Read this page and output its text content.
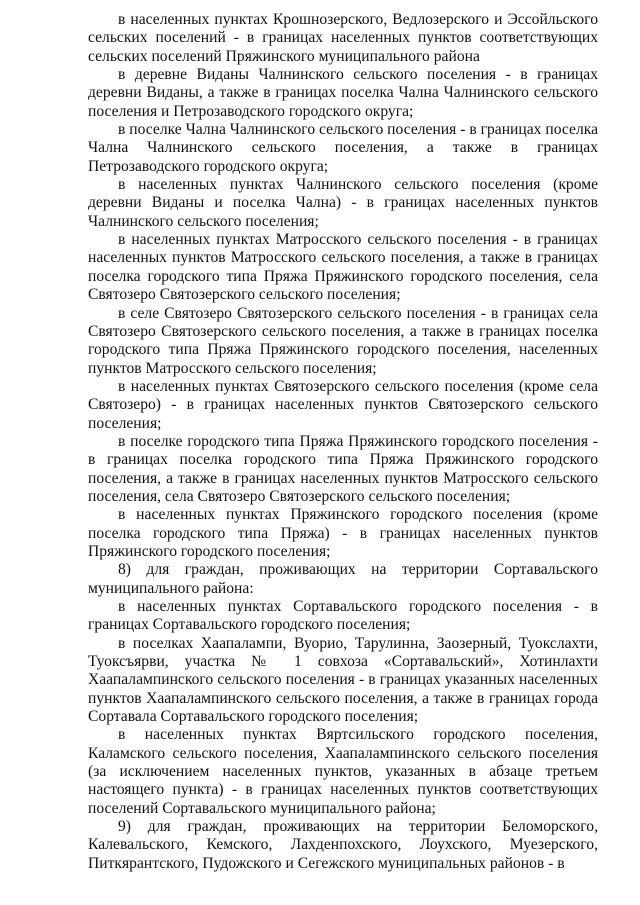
в населенных пунктах Крошнозерского, Ведлозерского и Эссойльского сельских поселений - в границах населенных пунктов соответствующих сельских поселений Пряжинского муниципального района

в деревне Виданы Чалнинского сельского поселения - в границах деревни Виданы, а также в границах поселка Чална Чалнинского сельского поселения и Петрозаводского городского округа;

в поселке Чална Чалнинского сельского поселения - в границах поселка Чална Чалнинского сельского поселения, а также в границах Петрозаводского городского округа;

в населенных пунктах Чалнинского сельского поселения (кроме деревни Виданы и поселка Чална) - в границах населенных пунктов Чалнинского сельского поселения;

в населенных пунктах Матросского сельского поселения - в границах населенных пунктов Матросского сельского поселения, а также в границах поселка городского типа Пряжа Пряжинского городского поселения, села Святозеро Святозерского сельского поселения;

в селе Святозеро Святозерского сельского поселения - в границах села Святозеро Святозерского сельского поселения, а также в границах поселка городского типа Пряжа Пряжинского городского поселения, населенных пунктов Матросского сельского поселения;

в населенных пунктах Святозерского сельского поселения (кроме села Святозеро) - в границах населенных пунктов Святозерского сельского поселения;

в поселке городского типа Пряжа Пряжинского городского поселения - в границах поселка городского типа Пряжа Пряжинского городского поселения, а также в границах населенных пунктов Матросского сельского поселения, села Святозеро Святозерского сельского поселения;

в населенных пунктах Пряжинского городского поселения (кроме поселка городского типа Пряжа) - в границах населенных пунктов Пряжинского городского поселения;

8) для граждан, проживающих на территории Сортавальского муниципального района:

в населенных пунктах Сортавальского городского поселения - в границах Сортавальского городского поселения;

в поселках Хаапалампи, Вуорио, Тарулинна, Заозерный, Туокслахти, Туоксъярви, участка № 1 совхоза «Сортавальский», Хотинлахти Хаапалампинского сельского поселения - в границах указанных населенных пунктов Хаапалампинского сельского поселения, а также в границах города Сортавала Сортавальского городского поселения;

в населенных пунктах Вяртсильского городского поселения, Каламского сельского поселения, Хаапалампинского сельского поселения (за исключением населенных пунктов, указанных в абзаце третьем настоящего пункта) - в границах населенных пунктов соответствующих поселений Сортавальского муниципального района;

9) для граждан, проживающих на территории Беломорского, Калевальского, Кемского, Лахденпохского, Лоухского, Муезерского, Питкярантского, Пудожского и Сегежского муниципальных районов - в
